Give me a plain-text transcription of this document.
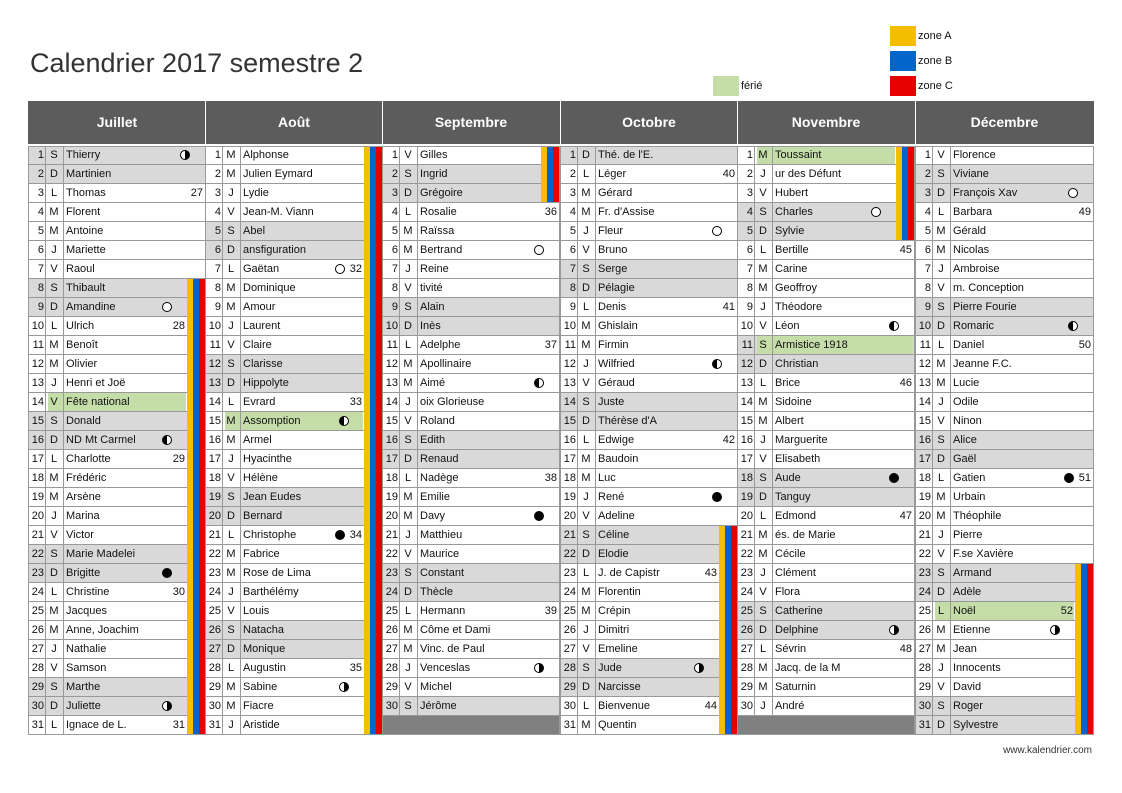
Calendrier 2017 semestre 2
zone A
zone B
zone C
férié
Juillet
1 S Thierry
2 D Martinien
3 L Thomas	27
4 M Florent
5 M Antoine
6 J Mariette
7 V Raoul
8 S Thibault
9 D Amandine
10 L Ulrich	28
11 M Benoît
12 M Olivier
13 J Henri et Joë
14 V Fête national
15 S Donald
16 D ND Mt Carmel
17 L Charlotte	29
18 M Frédéric
19 M Arsène
20 J Marina
21 V Victor
22 S Marie Madelei
23 D Brigitte
24 L Christine	30
25 M Jacques
26 M Anne, Joachim
27 J Nathalie
28 V Samson
29 S Marthe
30 D Juliette
31 L Ignace de L.	31
Août
1 M Alphonse
2 M Julien Eymard
3 J Lydie
4 V Jean-M. Viann
5 S Abel
6 D ansfiguration
7 L Gaëtan	32
8 M Dominique
9 M Amour
10 J Laurent
11 V Claire
12 S Clarisse
13 D Hippolyte
14 L Evrard	33
15 M Assomption
16 M Armel
17 J Hyacinthe
18 V Hélène
19 S Jean Eudes
20 D Bernard
21 L Christophe	34
22 M Fabrice
23 M Rose de Lima
24 J Barthélémy
25 V Louis
26 S Natacha
27 D Monique
28 L Augustin	35
29 M Sabine
30 M Fiacre
31 J Aristide
Septembre
1 V Gilles
2 S Ingrid
3 D Grégoire
4 L Rosalie	36
5 M Raïssa
6 M Bertrand
7 J Reine
8 V tivité
9 S Alain
10 D Inès
11 L Adelphe	37
12 M Apollinaire
13 M Aimé
14 J oix Glorieuse
15 V Roland
16 S Edith
17 D Renaud
18 L Nadège	38
19 M Emilie
20 M Davy
21 J Matthieu
22 V Maurice
23 S Constant
24 D Thècle
25 L Hermann	39
26 M Côme et Dami
27 M Vinc. de Paul
28 J Venceslas
29 V Michel
30 S Jérôme
Octobre
1 D Thé. de l'E.
2 L Léger	40
3 M Gérard
4 M Fr. d'Assise
5 J Fleur
6 V Bruno
7 S Serge
8 D Pélagie
9 L Denis	41
10 M Ghislain
11 M Firmin
12 J Wilfried
13 V Géraud
14 S Juste
15 D Thérèse d'A
16 L Edwige	42
17 M Baudoin
18 M Luc
19 J René
20 V Adeline
21 S Céline
22 D Elodie
23 L J. de Capistr	43
24 M Florentin
25 M Crépin
26 J Dimitri
27 V Emeline
28 S Jude
29 D Narcisse
30 L Bienvenue	44
31 M Quentin
Novembre
1 M Toussaint
2 J ur des Défunt
3 V Hubert
4 S Charles
5 D Sylvie
6 L Bertille	45
7 M Carine
8 M Geoffroy
9 J Théodore
10 V Léon
11 S Armistice 1918
12 D Christian
13 L Brice	46
14 M Sidoine
15 M Albert
16 J Marguerite
17 V Elisabeth
18 S Aude
19 D Tanguy
20 L Edmond	47
21 M és. de Marie
22 M Cécile
23 J Clément
24 V Flora
25 S Catherine
26 D Delphine
27 L Sévrin	48
28 M Jacq. de la M
29 M Saturnin
30 J André
Décembre
1 V Florence
2 S Viviane
3 D François Xav
4 L Barbara	49
5 M Gérald
6 M Nicolas
7 J Ambroise
8 V m. Conception
9 S Pierre Fourie
10 D Romaric
11 L Daniel	50
12 M Jeanne F.C.
13 M Lucie
14 J Odile
15 V Ninon
16 S Alice
17 D Gaël
18 L Gatien	51
19 M Urbain
20 M Théophile
21 J Pierre
22 V F.se Xavière
23 S Armand
24 D Adèle
25 L Noël	52
26 M Etienne
27 M Jean
28 J Innocents
29 V David
30 S Roger
31 D Sylvestre
www.kalendrier.com
